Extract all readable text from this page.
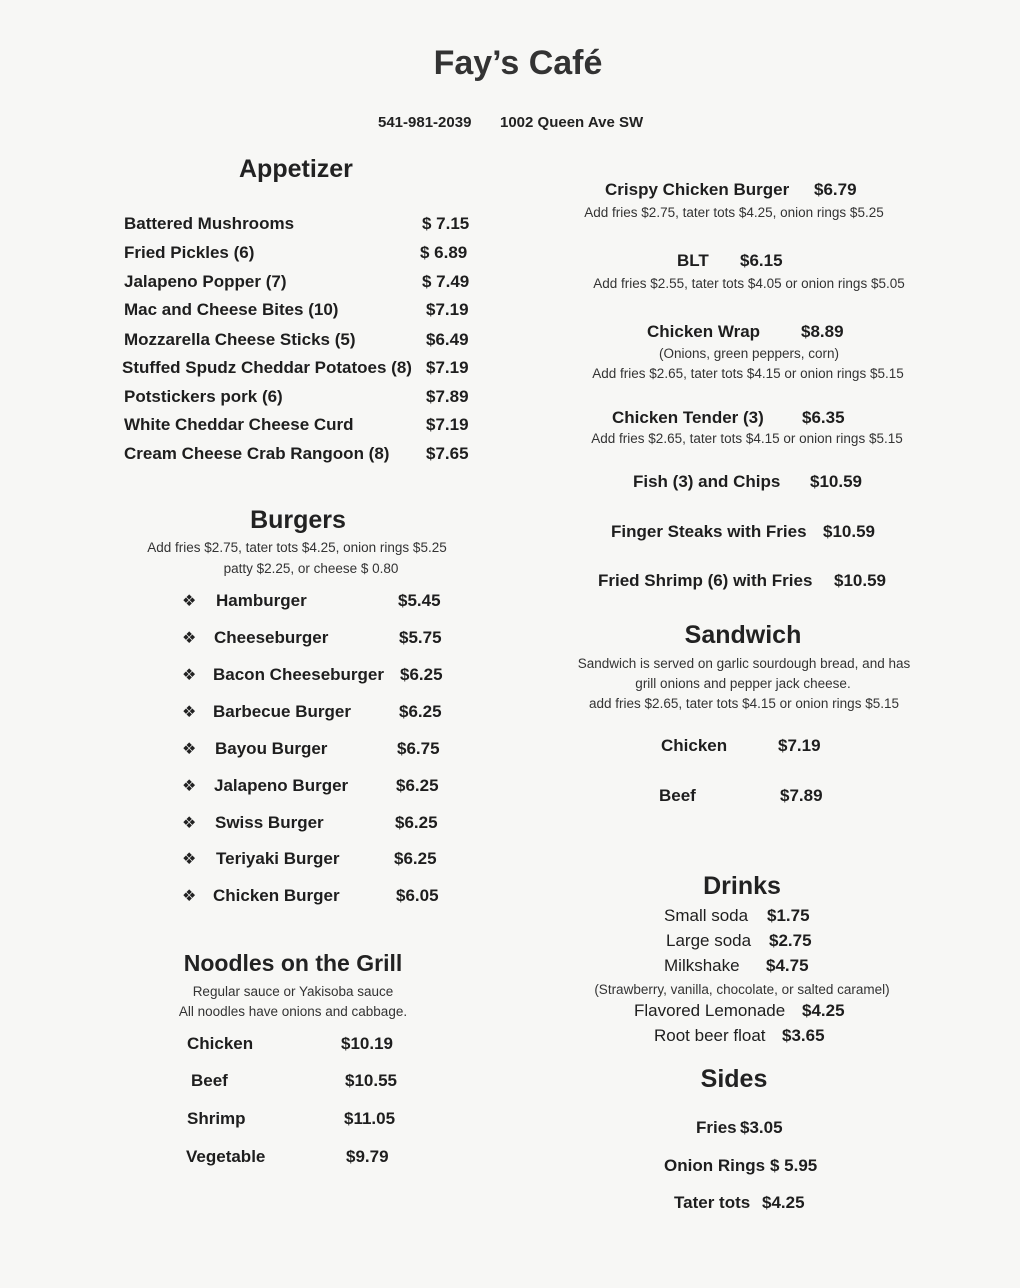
Fay’s Café
541-981-2039 1002 Queen Ave SW
Appetizer
Battered Mushrooms	$ 7.15
Fried Pickles (6)	$ 6.89
Jalapeno Popper (7)	$ 7.49
Mac and Cheese Bites (10)	$7.19
Mozzarella Cheese Sticks (5)	$6.49
Stuffed Spudz Cheddar Potatoes (8) $7.19
Potstickers pork (6)	$7.89
White Cheddar Cheese Curd	$7.19
Cream Cheese Crab Rangoon (8) $7.65
Burgers
Add fries $2.75, tater tots $4.25, onion rings $5.25
patty $2.25, or cheese $ 0.80
❖ Hamburger	$5.45
❖ Cheeseburger	$5.75
❖ Bacon Cheeseburger $6.25
❖ Barbecue Burger	$6.25
❖ Bayou Burger	$6.75
❖ Jalapeno Burger	$6.25
❖ Swiss Burger	$6.25
❖ Teriyaki Burger	$6.25
❖ Chicken Burger	$6.05
Noodles on the Grill
Regular sauce or Yakisoba sauce
All noodles have onions and cabbage.
Chicken	$10.19
Beef	$10.55
Shrimp	$11.05
Vegetable	$9.79
Crispy Chicken Burger $6.79
Add fries $2.75, tater tots $4.25, onion rings $5.25
BLT $6.15
Add fries $2.55, tater tots $4.05 or onion rings $5.05
Chicken Wrap $8.89
(Onions, green peppers, corn)
Add fries $2.65, tater tots $4.15 or onion rings $5.15
Chicken Tender (3) $6.35
Add fries $2.65, tater tots $4.15 or onion rings $5.15
Fish (3) and Chips $10.59
Finger Steaks with Fries $10.59
Fried Shrimp (6) with Fries $10.59
Sandwich
Sandwich is served on garlic sourdough bread, and has
grill onions and pepper jack cheese.
add fries $2.65, tater tots $4.15 or onion rings $5.15
Chicken	$7.19
Beef	$7.89
Drinks
Small soda $1.75
Large soda $2.75
Milkshake $4.75
(Strawberry, vanilla, chocolate, or salted caramel)
Flavored Lemonade $4.25
Root beer float $3.65
Sides
Fries $3.05
Onion Rings $ 5.95
Tater tots $4.25
